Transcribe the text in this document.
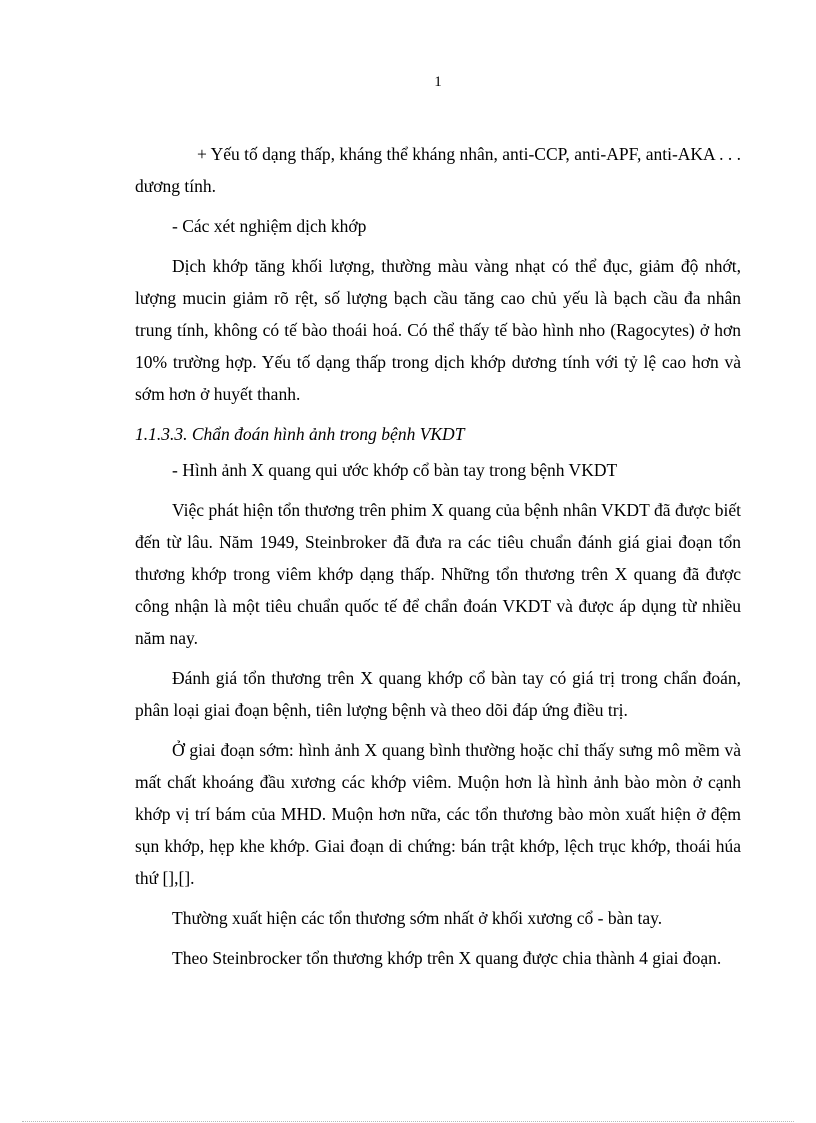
1

+ Yếu tố dạng thấp, kháng thể kháng nhân, anti-CCP, anti-APF, anti-AKA . . . dương tính.

- Các xét nghiệm dịch khớp

Dịch khớp tăng khối lượng, thường màu vàng nhạt có thể đục, giảm độ nhớt, lượng mucin giảm rõ rệt, số lượng bạch cầu tăng cao chủ yếu là bạch cầu đa nhân trung tính, không có tế bào thoái hoá. Có thể thấy tế bào hình nho (Ragocytes) ở hơn 10% trường hợp. Yếu tố dạng thấp trong dịch khớp dương tính với tỷ lệ cao hơn và sớm hơn ở huyết thanh.

1.1.3.3. Chẩn đoán hình ảnh trong bệnh VKDT

- Hình ảnh X quang qui ước khớp cổ bàn tay trong bệnh VKDT

Việc phát hiện tổn thương trên phim X quang của bệnh nhân VKDT đã được biết đến từ lâu. Năm 1949, Steinbroker đã đưa ra các tiêu chuẩn đánh giá giai đoạn tổn thương khớp trong viêm khớp dạng thấp. Những tổn thương trên X quang đã được công nhận là một tiêu chuẩn quốc tế để chẩn đoán VKDT và được áp dụng từ nhiều năm nay.

Đánh giá tổn thương trên X quang khớp cổ bàn tay có giá trị trong chẩn đoán, phân loại giai đoạn bệnh, tiên lượng bệnh và theo dõi đáp ứng điều trị.

Ở giai đoạn sớm: hình ảnh X quang bình thường hoặc chỉ thấy sưng mô mềm và mất chất khoáng đầu xương các khớp viêm. Muộn hơn là hình ảnh bào mòn ở cạnh khớp vị trí bám của MHD. Muộn hơn nữa, các tổn thương bào mòn xuất hiện ở đệm sụn khớp, hẹp khe khớp. Giai đoạn di chứng: bán trật khớp, lệch trục khớp, thoái húa thứ [],[].

Thường xuất hiện các tổn thương sớm nhất ở khối xương cổ - bàn tay.

Theo Steinbrocker tổn thương khớp trên X quang được chia thành 4 giai đoạn.
